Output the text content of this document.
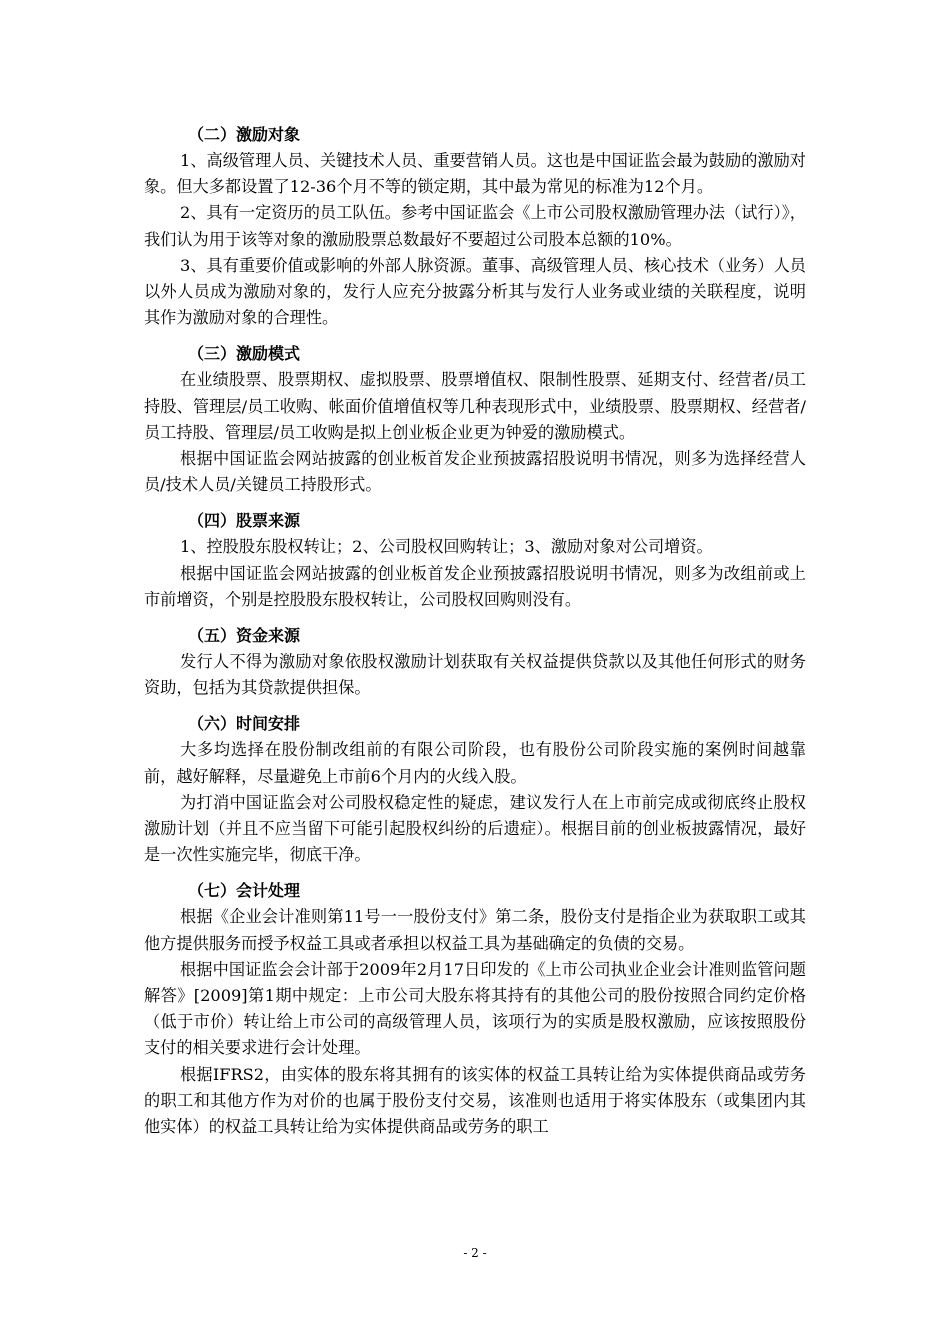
（二）激励对象

1、高级管理人员、关键技术人员、重要营销人员。这也是中国证监会最为鼓励的激励对象。但大多都设置了12-36个月不等的锁定期，其中最为常见的标准为12个月。

2、具有一定资历的员工队伍。参考中国证监会《上市公司股权激励管理办法（试行）》，我们认为用于该等对象的激励股票总数最好不要超过公司股本总额的10%。

3、具有重要价值或影响的外部人脉资源。董事、高级管理人员、核心技术（业务）人员以外人员成为激励对象的，发行人应充分披露分析其与发行人业务或业绩的关联程度，说明其作为激励对象的合理性。

（三）激励模式

在业绩股票、股票期权、虚拟股票、股票增值权、限制性股票、延期支付、经营者/员工持股、管理层/员工收购、帐面价值增值权等几种表现形式中，业绩股票、股票期权、经营者/员工持股、管理层/员工收购是拟上创业板企业更为钟爱的激励模式。

根据中国证监会网站披露的创业板首发企业预披露招股说明书情况，则多为选择经营人员/技术人员/关键员工持股形式。

（四）股票来源

1、控股股东股权转让；2、公司股权回购转让；3、激励对象对公司增资。

根据中国证监会网站披露的创业板首发企业预披露招股说明书情况，则多为改组前或上市前增资，个别是控股股东股权转让，公司股权回购则没有。

（五）资金来源

发行人不得为激励对象依股权激励计划获取有关权益提供贷款以及其他任何形式的财务资助，包括为其贷款提供担保。

（六）时间安排

大多均选择在股份制改组前的有限公司阶段，也有股份公司阶段实施的案例时间越靠前，越好解释，尽量避免上市前6个月内的火线入股。

为打消中国证监会对公司股权稳定性的疑虑，建议发行人在上市前完成或彻底终止股权激励计划（并且不应当留下可能引起股权纠纷的后遗症）。根据目前的创业板披露情况，最好是一次性实施完毕，彻底干净。

（七）会计处理

根据《企业会计准则第11号一一股份支付》第二条，股份支付是指企业为获取职工或其他方提供服务而授予权益工具或者承担以权益工具为基础确定的负债的交易。

根据中国证监会会计部于2009年2月17日印发的《上市公司执业企业会计准则监管问题解答》[2009]第1期中规定：上市公司大股东将其持有的其他公司的股份按照合同约定价格（低于市价）转让给上市公司的高级管理人员，该项行为的实质是股权激励，应该按照股份支付的相关要求进行会计处理。

根据IFRS2，由实体的股东将其拥有的该实体的权益工具转让给为实体提供商品或劳务的职工和其他方作为对价的也属于股份支付交易，该准则也适用于将实体股东（或集团内其他实体）的权益工具转让给为实体提供商品或劳务的职工

- 2 -
